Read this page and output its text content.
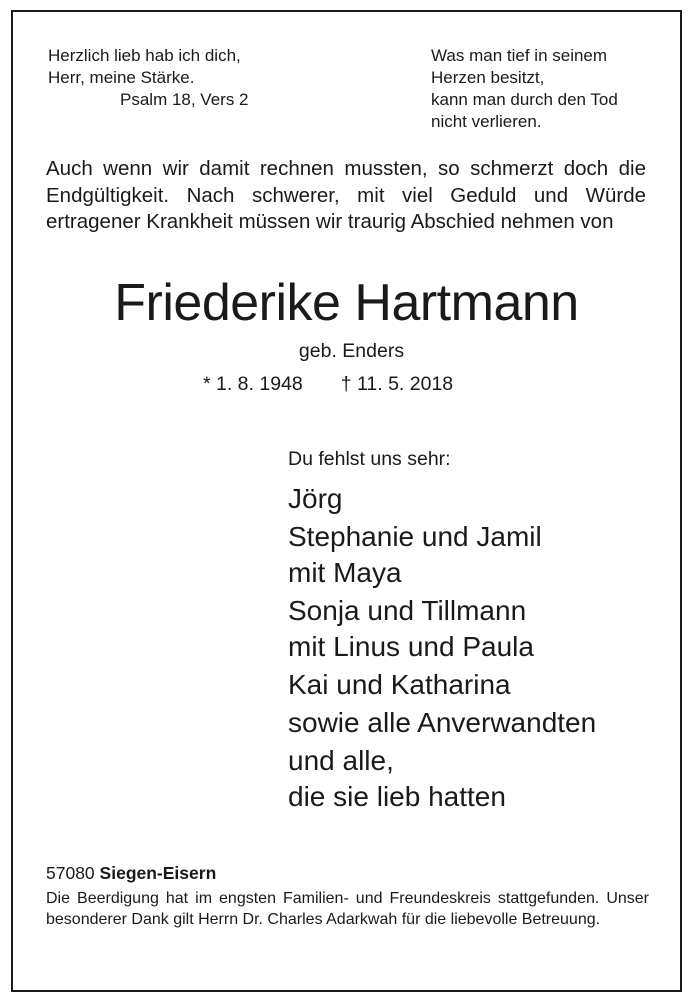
Herzlich lieb hab ich dich,
Herr, meine Stärke.
Psalm 18, Vers 2
Was man tief in seinem
Herzen besitzt,
kann man durch den Tod
nicht verlieren.

Auch wenn wir damit rechnen mussten, so schmerzt doch die Endgültigkeit. Nach schwerer, mit viel Geduld und Würde ertragener Krankheit müssen wir traurig Abschied nehmen von

Friederike Hartmann
geb. Enders
* 1. 8. 1948 † 11. 5. 2018
Du fehlst uns sehr:
Jörg
Stephanie und Jamil
mit Maya
Sonja und Tillmann
mit Linus und Paula
Kai und Katharina
sowie alle Anverwandten
und alle,
die sie lieb hatten
57080 Siegen-Eisern

Die Beerdigung hat im engsten Familien- und Freundeskreis stattgefunden. Unser besonderer Dank gilt Herrn Dr. Charles Adarkwah für die liebevolle Betreuung.
